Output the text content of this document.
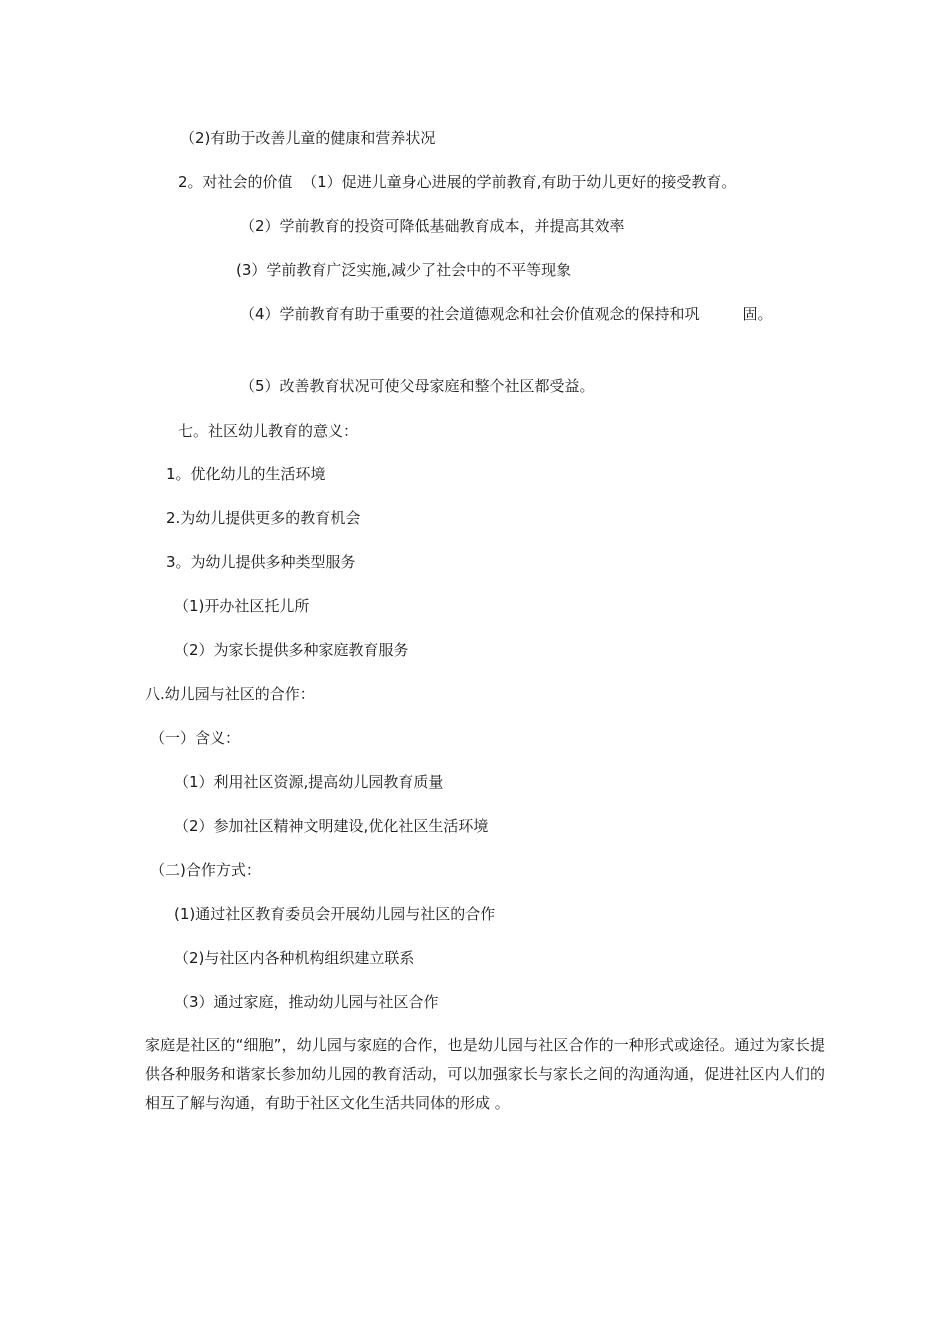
（2)有助于改善儿童的健康和营养状况
2。对社会的价值  （1）促进儿童身心进展的学前教育,有助于幼儿更好的接受教育。
（2）学前教育的投资可降低基础教育成本，并提高其效率
(3）学前教育广泛实施,减少了社会中的不平等现象
（4）学前教育有助于重要的社会道德观念和社会价值观念的保持和巩         固。
（5）改善教育状况可使父母家庭和整个社区都受益。
七。社区幼儿教育的意义：
1。优化幼儿的生活环境
2.为幼儿提供更多的教育机会
3。为幼儿提供多种类型服务
（1)开办社区托儿所
（2）为家长提供多种家庭教育服务
八.幼儿园与社区的合作：
（一）含义：
（1）利用社区资源,提高幼儿园教育质量
（2）参加社区精神文明建设,优化社区生活环境
（二)合作方式：
(1)通过社区教育委员会开展幼儿园与社区的合作
（2)与社区内各种机构组织建立联系
（3）通过家庭，推动幼儿园与社区合作
家庭是社区的“细胞”，幼儿园与家庭的合作，也是幼儿园与社区合作的一种形式或途径。通过为家长提供各种服务和谐家长参加幼儿园的教育活动，可以加强家长与家长之间的沟通沟通，促进社区内人们的相互了解与沟通，有助于社区文化生活共同体的形成 。
